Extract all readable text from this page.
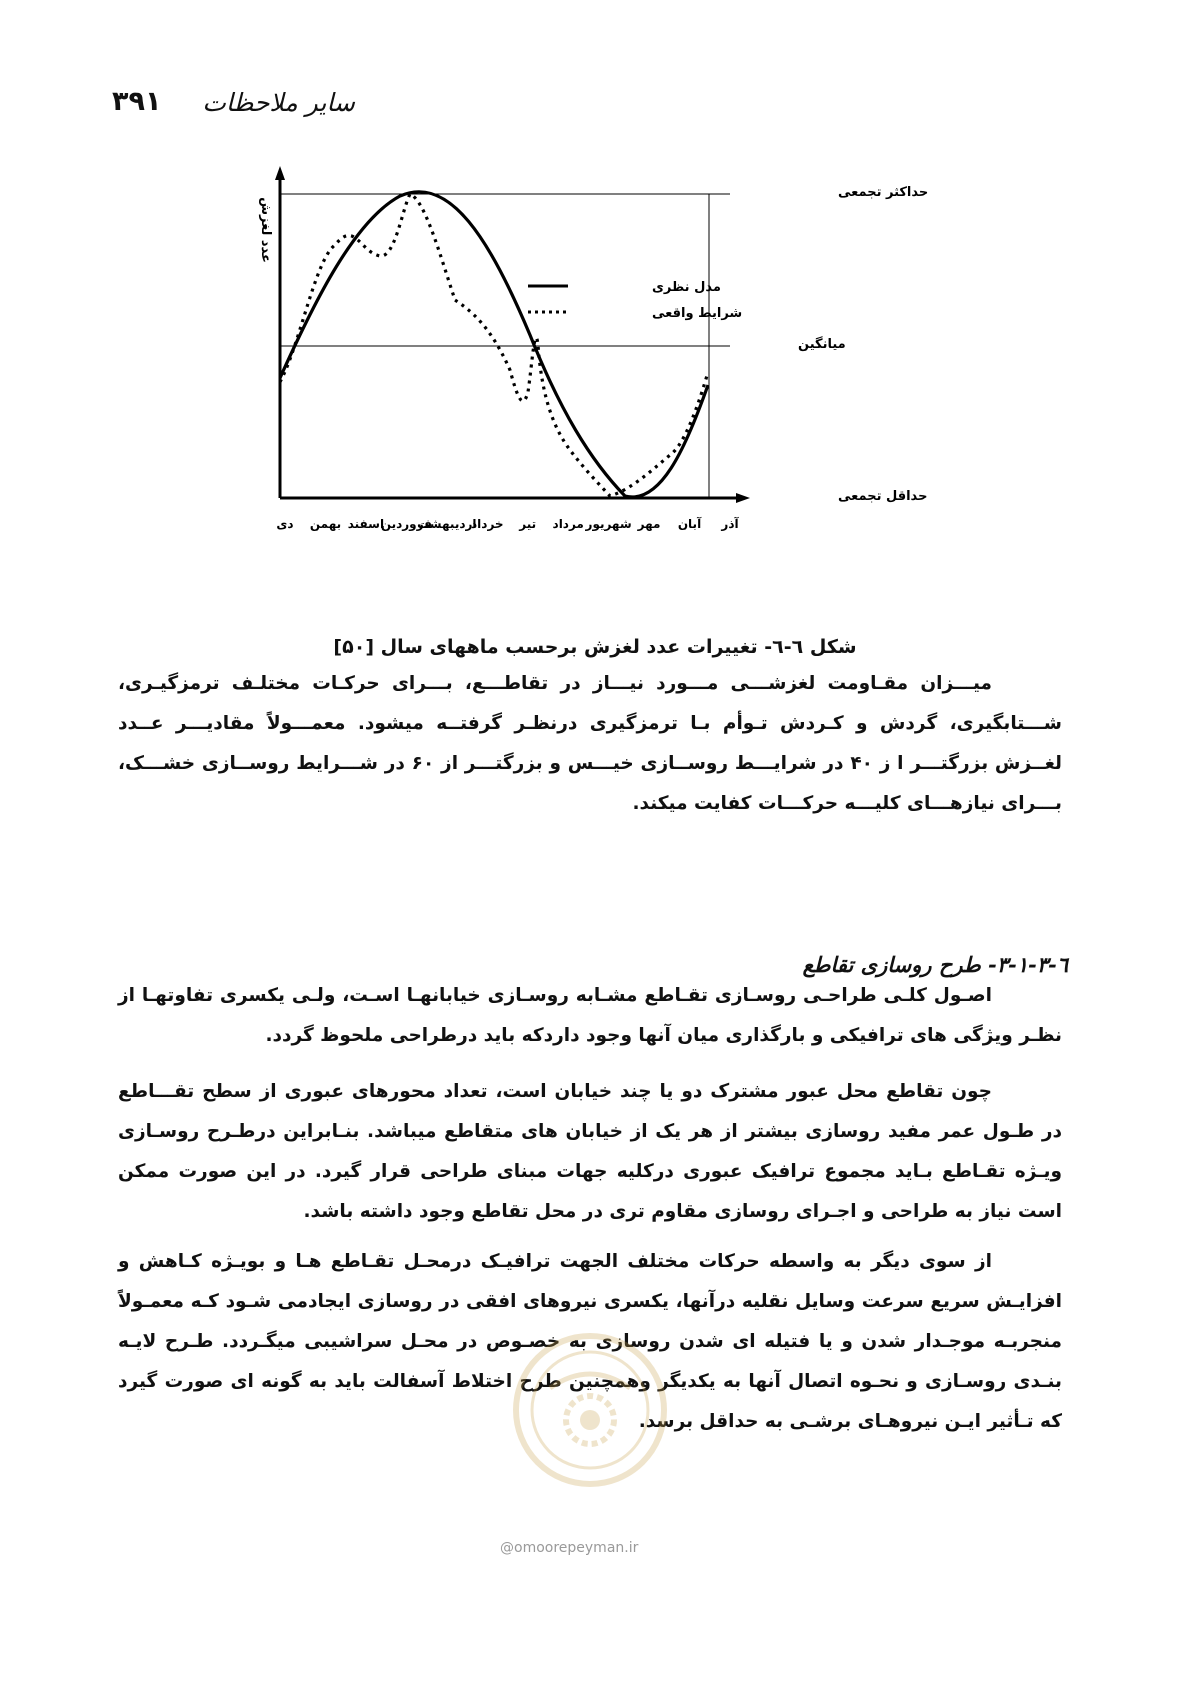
سایر ملاحظات
۳۹۱
مدل نظری
شرایط واقعی
حداکثر تجمعی
میانگین
حداقل تجمعی
عدد لغزش
دی بهمن اسفند
فروردین
اردیبهشت
خرداد تیر مرداد شهریور مهر آبان آذر
شکل ٦-٦- تغییرات عدد لغزش برحسب ماههای سال [۵۰]
میـــزان مقـاومت لغزشـــی مـــورد نیـــاز در تقاطـــع، بـــرای حرکـات مختلـف ترمزگیـری، شـــتابگیری، گردش و کـردش تـوأم بـا ترمزگیری درنظـر گرفتــه میشود. معمـــولاً مقادیـــر عــدد لغــزش بزرگتـــر ا ز ۴۰ در شرایـــط روســازی خیـــس و بزرگتـــر از ۶۰ در شـــرایط روســازی خشـــک، بـــرای نیازهـــای کلیـــه حرکـــات کفایت میکند.
٦-٣-١-٣- طرح روسازی تقاطع
اصـول کلـی طراحـی روسـازی تقـاطع مشـابه روسـازی خیابانهـا اسـت، ولـی یکسری تفاوتهـا از نظـر ویژگی های ترافیکی و بارگذاری میان آنها وجود داردکه باید درطراحی ملحوظ گردد.
چون تقاطع محل عبور مشترک دو یا چند خیابان است، تعداد محورهای عبوری از سطح تقـــاطع در طـول عمر مفید روسازی بیشتر از هر یک از خیابان های متقاطع میباشد. بنـابراین درطـرح روسـازی ویـژه تقـاطع بـاید مجموع ترافیک عبوری درکلیه جهات مبنای طراحی قرار گیرد. در این صورت ممکن است نیاز به طراحی و اجـرای روسازی مقاوم تری در محل تقاطع وجود داشته باشد.
از سوی دیگر به واسطه حرکات مختلف الجهت ترافیـک درمحـل تقـاطع هـا و بویـژه کـاهش و افزایـش سریع سرعت وسایل نقلیه درآنها، یکسری نیروهای افقی در روسازی ایجادمی شـود کـه معمـولاً منجربـه موجـدار شدن و یا فتیله ای شدن روسازی به خصـوص در محـل سراشیبی میگـردد. طـرح لایـه بنـدی روسـازی و نحـوه اتصال آنها به یکدیگر وهمچنین طرح اختلاط آسفالت باید به گونه ای صورت گیرد که تـأثیر ایـن نیروهـای برشـی به حداقل برسد.
@omoorepeyman.ir
